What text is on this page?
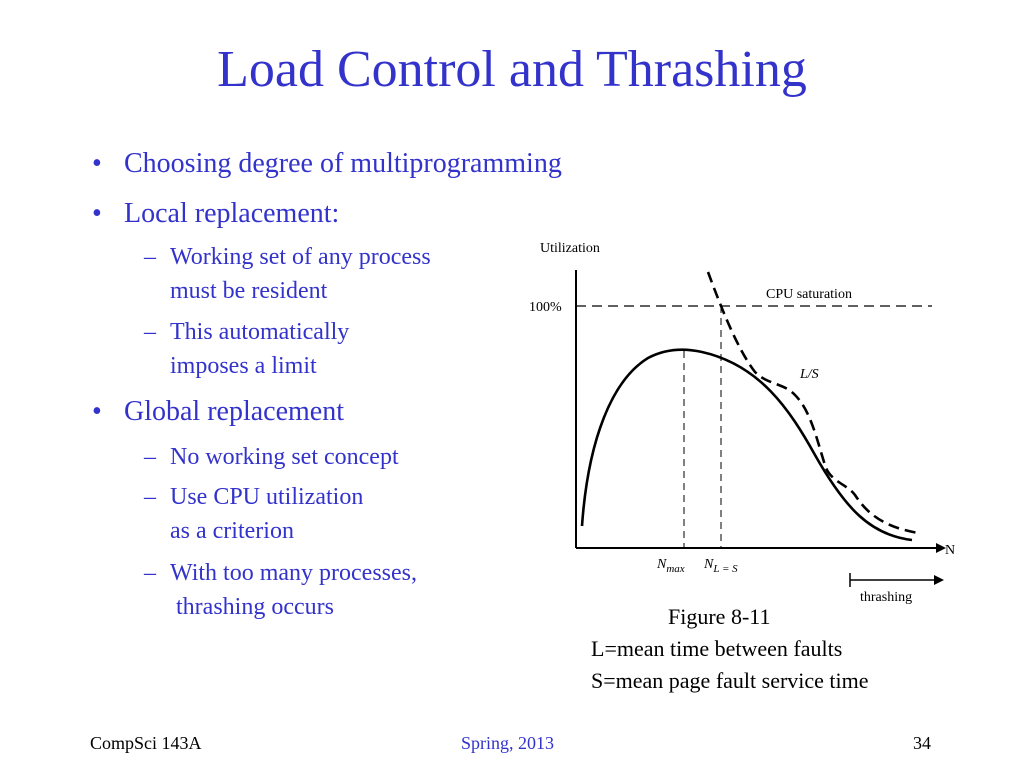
Load Control and Thrashing
• Choosing degree of multiprogramming
• Local replacement:
• Global replacement
– Working set of any process
must be resident
– This automatically
imposes a limit
– No working set concept
– Use CPU utilization
as a criterion
– With too many processes,
thrashing occurs
Utilization
100%
CPU saturation
L/S
N
$N_{max}$ $N_{L = S}$
thrashing
Figure 8-11
L=mean time between faults
S=mean page fault service time
CompSci 143A	Spring, 2013	34
